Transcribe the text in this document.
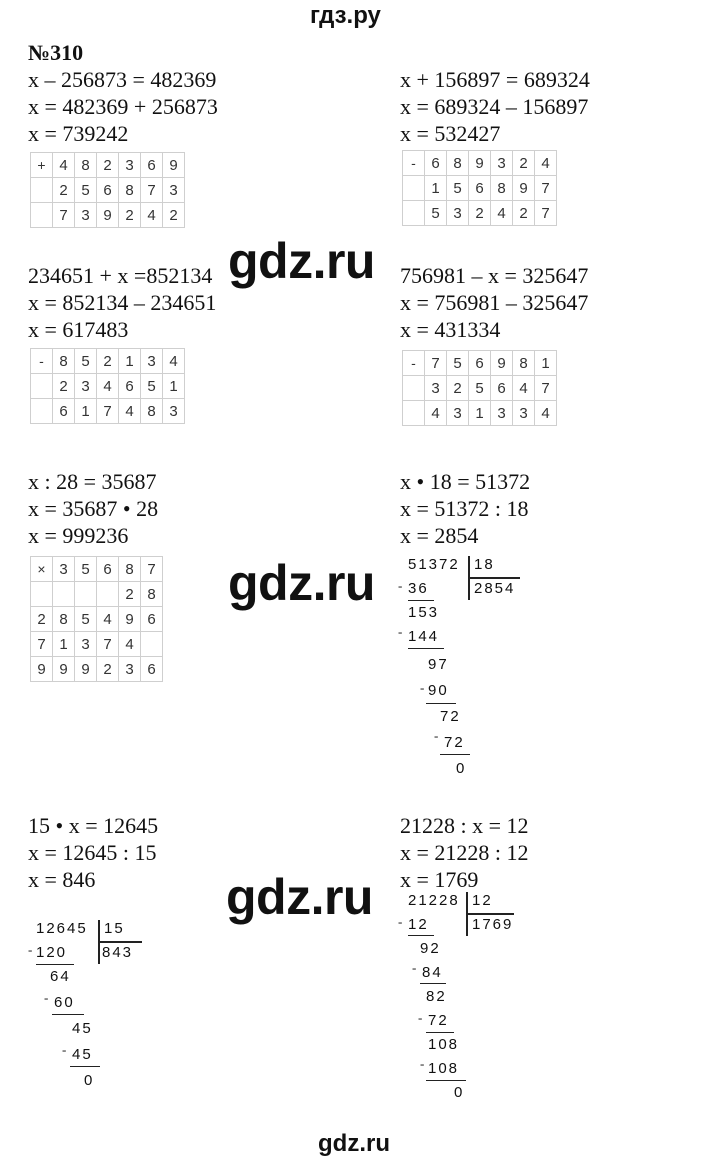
гдз.ру
№310
x – 256873 = 482369
x = 482369 + 256873
x = 739242
+	4	8	2	3	6	9
	2	5	6	8	7	3
	7	3	9	2	4	2
x + 156897 = 689324
x = 689324 – 156897
x = 532427
-	6	8	9	3	2	4
	1	5	6	8	9	7
	5	3	2	4	2	7
gdz.ru
234651 + x =852134
x = 852134 – 234651
x = 617483
-	8	5	2	1	3	4
	2	3	4	6	5	1
	6	1	7	4	8	3
756981 – x = 325647
x = 756981 – 325647
x = 431334
-	7	5	6	9	8	1
	3	2	5	6	4	7
	4	3	1	3	3	4
x : 28 = 35687
x = 35687 • 28
x = 999236
×	3	5	6	8	7
				2	8
2	8	5	4	9	6
7	1	3	7	4	
9	9	9	2	3	6
x • 18 = 51372
x = 51372 : 18
x = 2854
51372 18
2854
- 36
153
- 144
97
- 90
72
- 72
0
gdz.ru
15 • x = 12645
x = 12645 : 15
x = 846
12645 15
843
- 120
64
- 60
45
- 45
0
21228 : x = 12
x = 21228 : 12
x = 1769
21228 12
1769
- 12
92
- 84
82
- 72
108
- 108
0
gdz.ru
gdz.ru
